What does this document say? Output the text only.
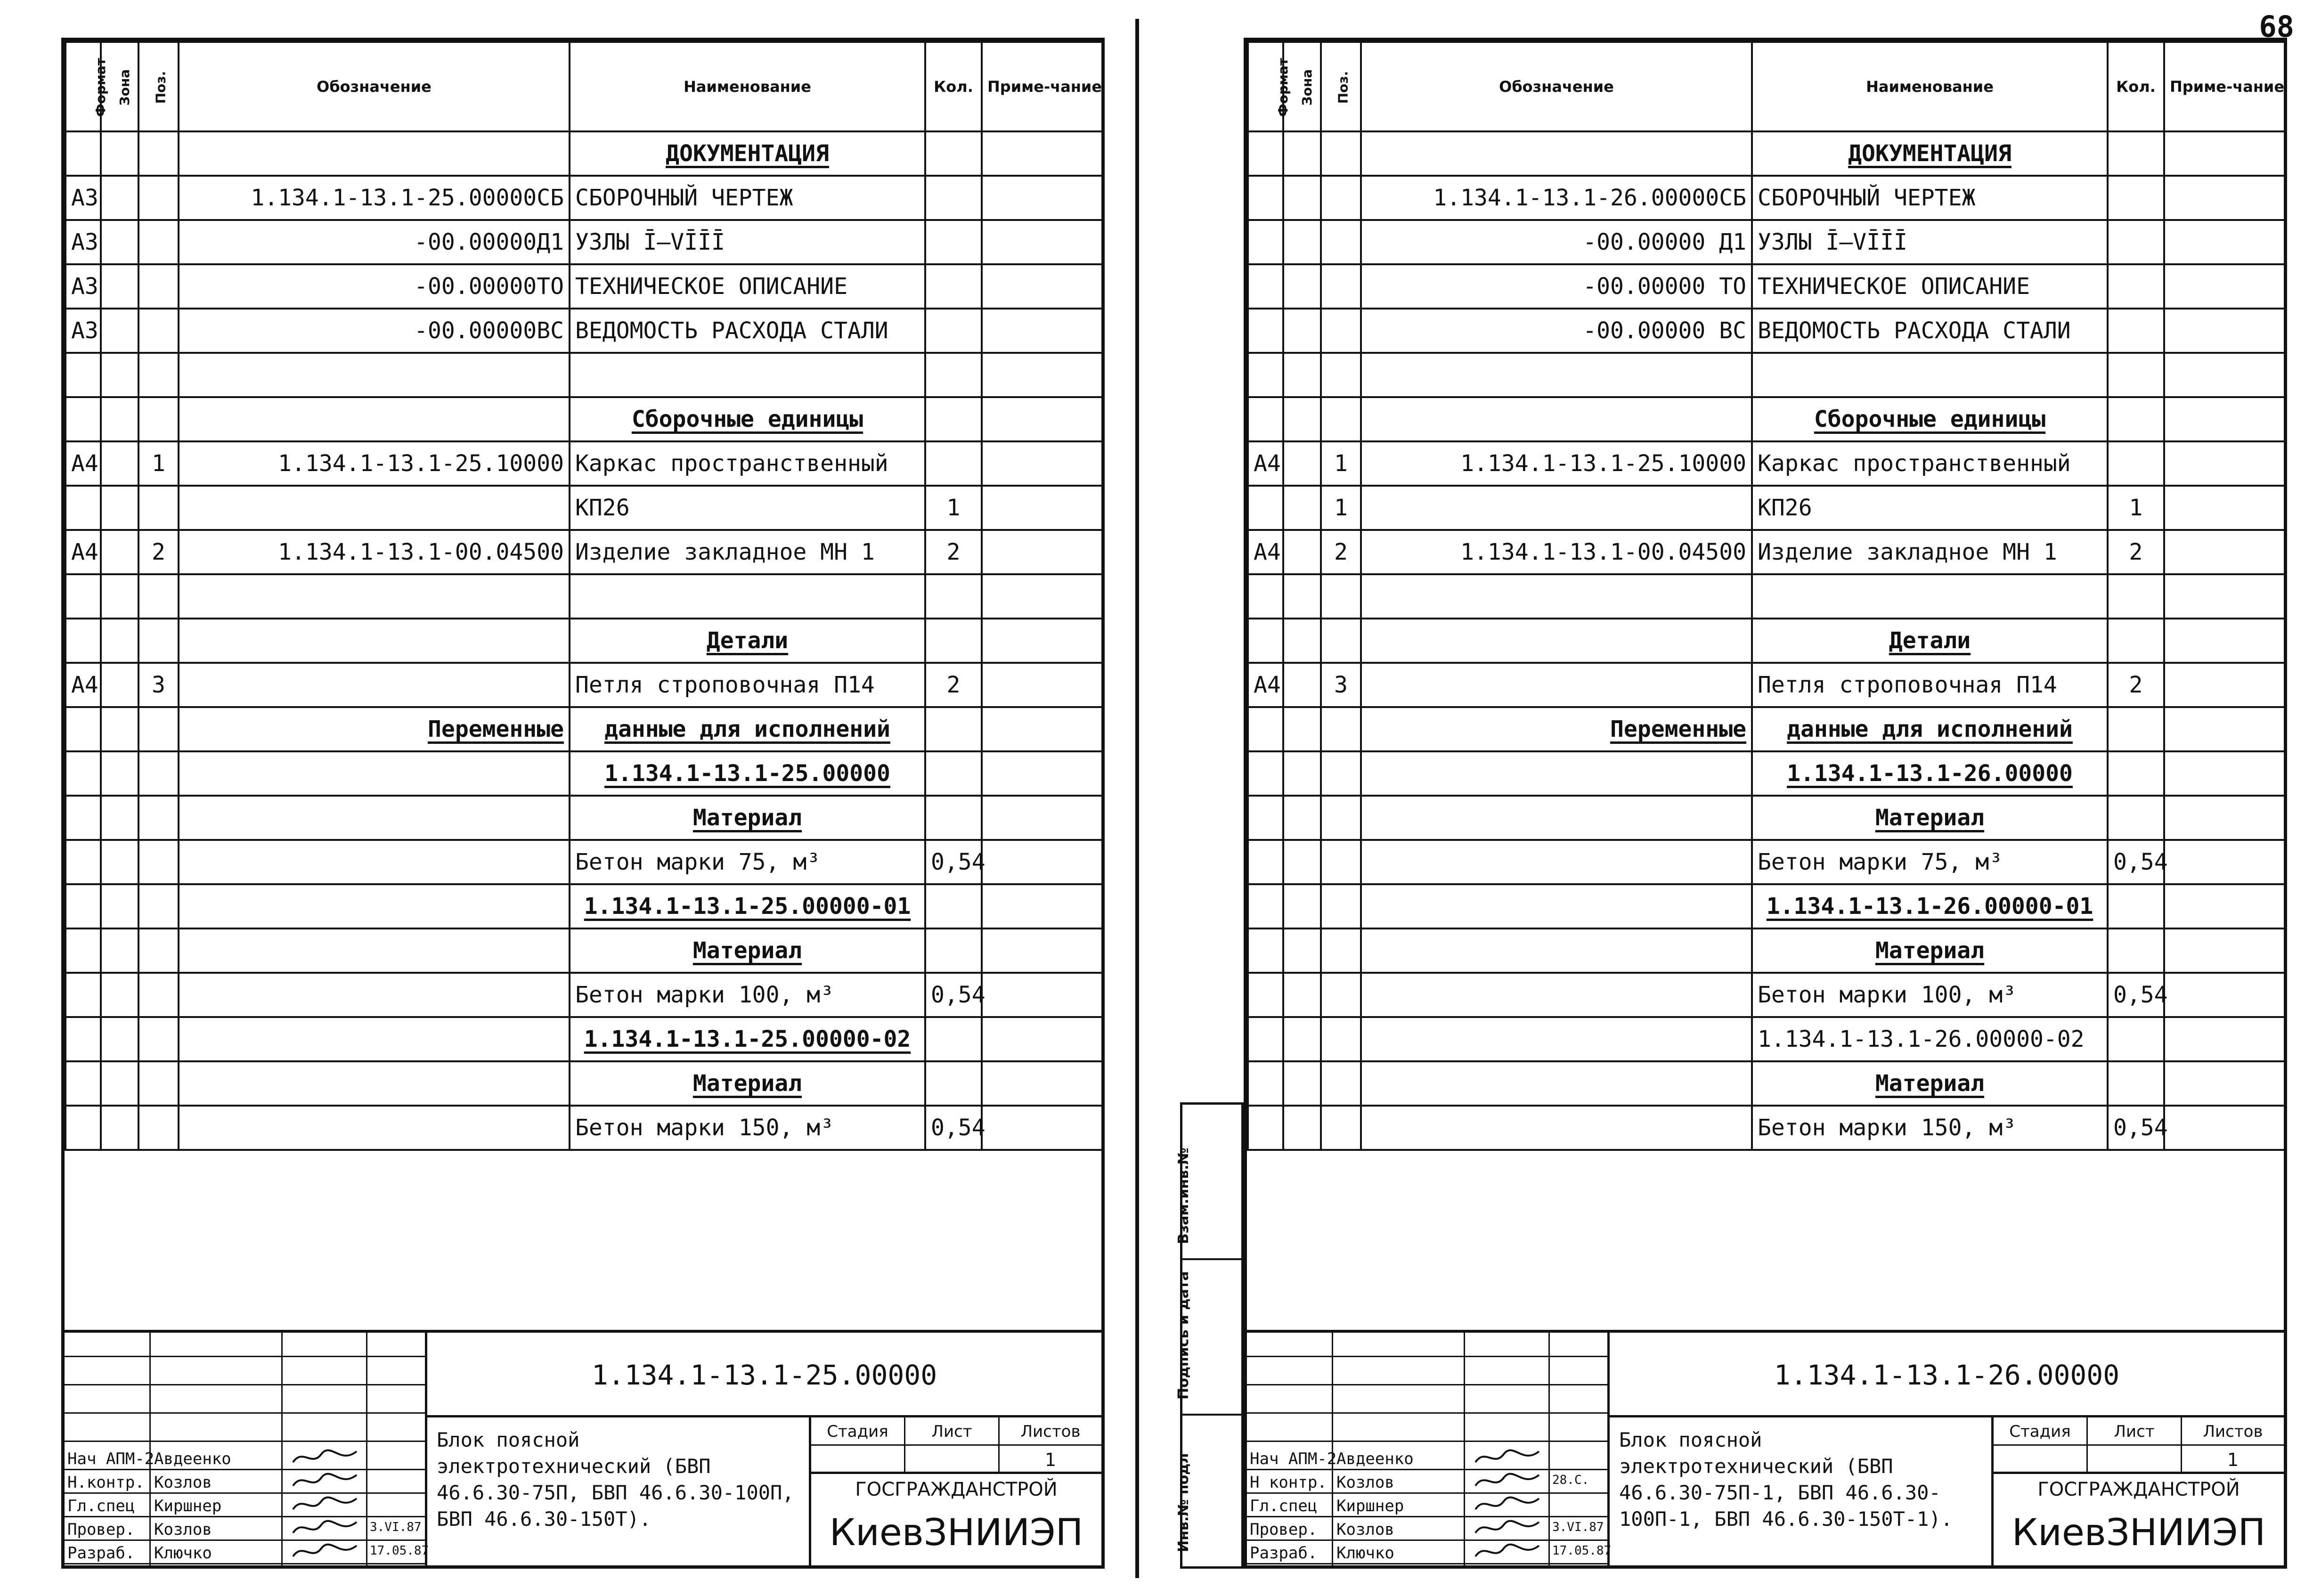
68
Формат	Зона	Поз.	Обозначение	Наименование	Кол.	Приме-чание
				ДОКУМЕНТАЦИЯ		
А3			1.134.1-13.1-25.00000СБ	СБОРОЧНЫЙ ЧЕРТЕЖ		
А3			-00.00000Д1	УЗЛЫ Ī—VĪĪĪ		
А3			-00.00000ТО	ТЕХНИЧЕСКОЕ ОПИСАНИЕ		
А3			-00.00000ВС	ВЕДОМОСТЬ РАСХОДА СТАЛИ		

				Сборочные единицы		
А4		1	1.134.1-13.1-25.10000	Каркас пространственный		
				КП26	1	
А4		2	1.134.1-13.1-00.04500	Изделие закладное МН 1	2	

				Детали		
А4		3		Петля строповочная П14	2	
			Переменные	данные для исполнений		
				1.134.1-13.1-25.00000		
				Материал		
				Бетон марки 75, м³	0,54	
				1.134.1-13.1-25.00000-01		
				Материал		
				Бетон марки 100, м³	0,54	
				1.134.1-13.1-25.00000-02		
				Материал		
				Бетон марки 150, м³	0,54	
Нач АПМ-2 Авдеенко
Н.контр. Козлов
Гл.спец Киршнер
Провер. Козлов	3.VI.87
Разраб. Ключко	17.05.87
1.134.1-13.1-25.00000
Блок поясной электротехнический (БВП 46.6.30-75П, БВП 46.6.30-100П, БВП 46.6.30-150Т).
Стадия	Лист	Листов
1
ГОСГРАЖДАНСТРОЙ
КиевЗНИИЭП
Взам.инв.№
Подпись и дата
Инв.№ подл
Формат	Зона	Поз.	Обозначение	Наименование	Кол.	Приме-чание
				ДОКУМЕНТАЦИЯ		
			1.134.1-13.1-26.00000СБ	СБОРОЧНЫЙ ЧЕРТЕЖ		
			-00.00000 Д1	УЗЛЫ Ī—VĪĪĪ		
			-00.00000 ТО	ТЕХНИЧЕСКОЕ ОПИСАНИЕ		
			-00.00000 ВС	ВЕДОМОСТЬ РАСХОДА СТАЛИ		

				Сборочные единицы		
А4		1	1.134.1-13.1-25.10000	Каркас пространственный		
		1		КП26	1	
А4		2	1.134.1-13.1-00.04500	Изделие закладное МН 1	2	

				Детали		
А4		3		Петля строповочная П14	2	
			Переменные	данные для исполнений		
				1.134.1-13.1-26.00000		
				Материал		
				Бетон марки 75, м³	0,54	
				1.134.1-13.1-26.00000-01		
				Материал		
				Бетон марки 100, м³	0,54	
				1.134.1-13.1-26.00000-02		
				Материал		
				Бетон марки 150, м³	0,54	
Нач АПМ-2 Авдеенко
Н контр. Козлов	28.С.
Гл.спец Киршнер
Провер. Козлов	3.VI.87
Разраб. Ключко	17.05.87
1.134.1-13.1-26.00000
Блок поясной электротехнический (БВП 46.6.30-75П-1, БВП 46.6.30-100П-1, БВП 46.6.30-150Т-1).
Стадия	Лист	Листов
1
ГОСГРАЖДАНСТРОЙ
КиевЗНИИЭП
